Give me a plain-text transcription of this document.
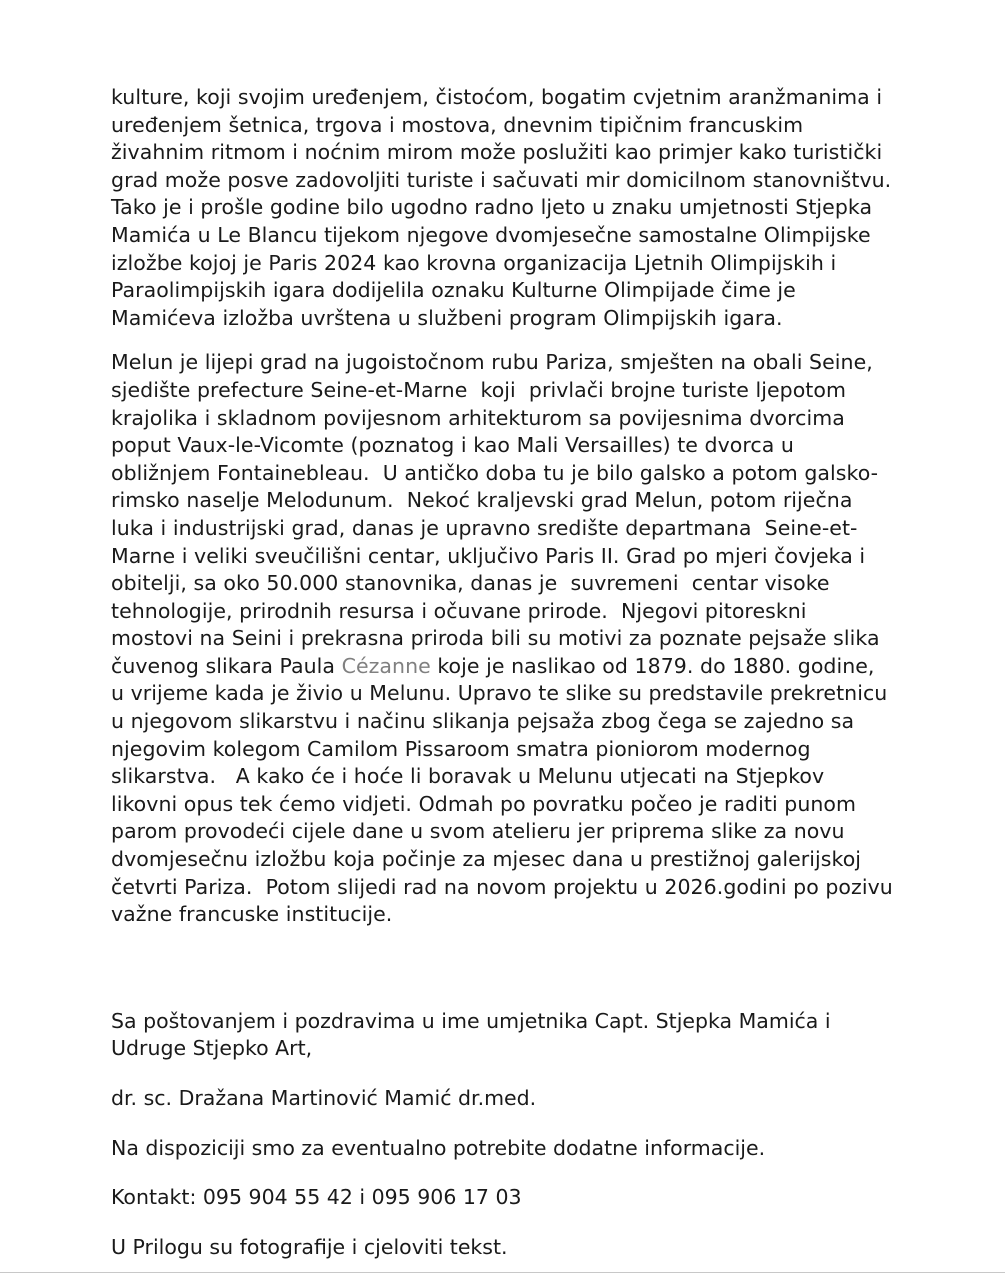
kulture, koji svojim uređenjem, čistoćom, bogatim cvjetnim aranžmanima i uređenjem šetnica, trgova i mostova, dnevnim tipičnim francuskim živahnim ritmom i noćnim mirom može poslužiti kao primjer kako turistički grad može posve zadovoljiti turiste i sačuvati mir domicilnom stanovništvu. Tako je i prošle godine bilo ugodno radno ljeto u znaku umjetnosti Stjepka Mamića u Le Blancu tijekom njegove dvomjesečne samostalne Olimpijske izložbe kojoj je Paris 2024 kao krovna organizacija Ljetnih Olimpijskih i Paraolimpijskih igara dodijelila oznaku Kulturne Olimpijade čime je Mamićeva izložba uvrštena u službeni program Olimpijskih igara.

Melun je lijepi grad na jugoistočnom rubu Pariza, smješten na obali Seine, sjedište prefecture Seine-et-Marne  koji  privlači brojne turiste ljepotom krajolika i skladnom povijesnom arhitekturom sa povijesnima dvorcima poput Vaux-le-Vicomte (poznatog i kao Mali Versailles) te dvorca u obližnjem Fontainebleau.  U antičko doba tu je bilo galsko a potom galsko-rimsko naselje Melodunum.  Nekoć kraljevski grad Melun, potom riječna luka i industrijski grad, danas je upravno središte departmana  Seine-et-Marne i veliki sveučilišni centar, uključivo Paris II. Grad po mjeri čovjeka i obitelji, sa oko 50.000 stanovnika, danas je  suvremeni  centar visoke tehnologije, prirodnih resursa i očuvane prirode.  Njegovi pitoreskni mostovi na Seini i prekrasna priroda bili su motivi za poznate pejsaže slika čuvenog slikara Paula Cézanne koje je naslikao od 1879. do 1880. godine, u vrijeme kada je živio u Melunu. Upravo te slike su predstavile prekretnicu u njegovom slikarstvu i načinu slikanja pejsaža zbog čega se zajedno sa njegovim kolegom Camilom Pissaroom smatra pioniorom modernog slikarstva.   A kako će i hoće li boravak u Melunu utjecati na Stjepkov likovni opus tek ćemo vidjeti. Odmah po povratku počeo je raditi punom parom provodeći cijele dane u svom atelieru jer priprema slike za novu dvomjesečnu izložbu koja počinje za mjesec dana u prestižnoj galerijskoj četvrti Pariza.  Potom slijedi rad na novom projektu u 2026.godini po pozivu važne francuske institucije.

Sa poštovanjem i pozdravima u ime umjetnika Capt. Stjepka Mamića i Udruge Stjepko Art,

dr. sc. Dražana Martinović Mamić dr.med.

Na dispoziciji smo za eventualno potrebite dodatne informacije.

Kontakt: 095 904 55 42 i 095 906 17 03

U Prilogu su fotografije i cjeloviti tekst.
